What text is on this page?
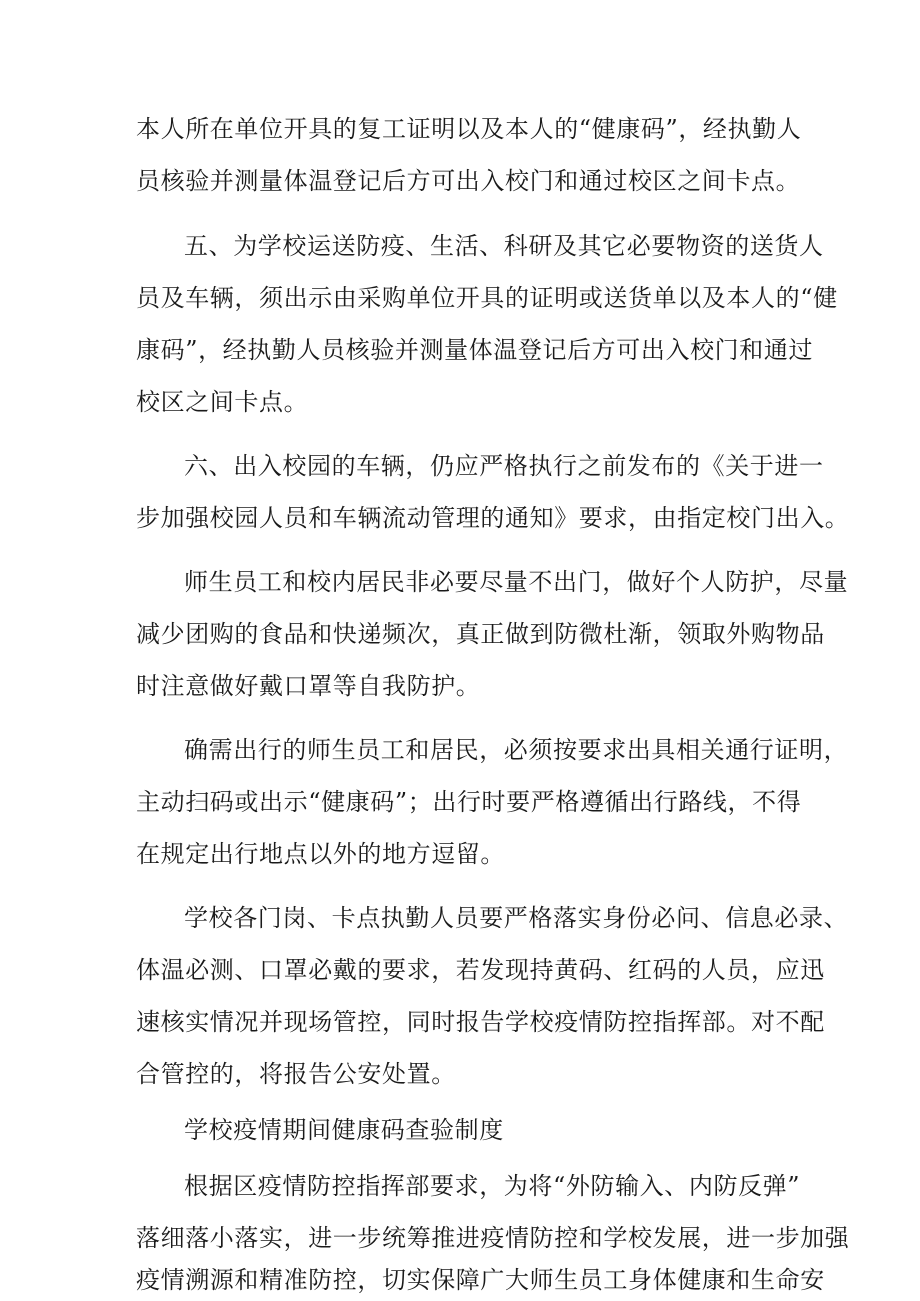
本人所在单位开具的复工证明以及本人的“健康码”，经执勤人
员核验并测量体温登记后方可出入校门和通过校区之间卡点。
五、为学校运送防疫、生活、科研及其它必要物资的送货人
员及车辆，须出示由采购单位开具的证明或送货单以及本人的“健
康码”，经执勤人员核验并测量体温登记后方可出入校门和通过
校区之间卡点。
六、出入校园的车辆，仍应严格执行之前发布的《关于进一
步加强校园人员和车辆流动管理的通知》要求，由指定校门出入。
师生员工和校内居民非必要尽量不出门，做好个人防护，尽量
减少团购的食品和快递频次，真正做到防微杜渐，领取外购物品
时注意做好戴口罩等自我防护。
确需出行的师生员工和居民，必须按要求出具相关通行证明，
主动扫码或出示“健康码”；出行时要严格遵循出行路线，不得
在规定出行地点以外的地方逗留。
学校各门岗、卡点执勤人员要严格落实身份必问、信息必录、
体温必测、口罩必戴的要求，若发现持黄码、红码的人员，应迅
速核实情况并现场管控，同时报告学校疫情防控指挥部。对不配
合管控的，将报告公安处置。
学校疫情期间健康码查验制度
根据区疫情防控指挥部要求，为将“外防输入、内防反弹”
落细落小落实，进一步统筹推进疫情防控和学校发展，进一步加强
疫情溯源和精准防控，切实保障广大师生员工身体健康和生命安
